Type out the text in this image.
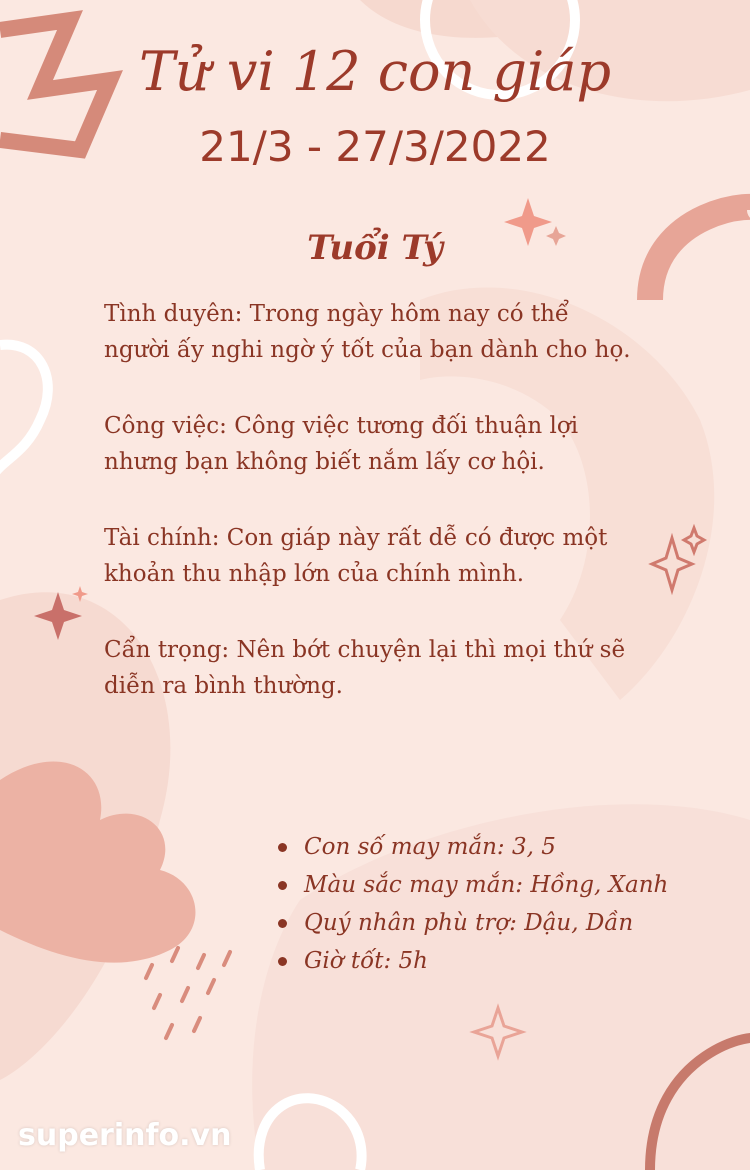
Tử vi 12 con giáp
21/3 - 27/3/2022
Tuổi Tý

Tình duyên: Trong ngày hôm nay có thể
người ấy nghi ngờ ý tốt của bạn dành cho họ.

Công việc: Công việc tương đối thuận lợi
nhưng bạn không biết nắm lấy cơ hội.

Tài chính: Con giáp này rất dễ có được một
khoản thu nhập lớn của chính mình.

Cẩn trọng: Nên bớt chuyện lại thì mọi thứ sẽ
diễn ra bình thường.

Con số may mắn: 3, 5
Màu sắc may mắn: Hồng, Xanh
Quý nhân phù trợ: Dậu, Dần
Giờ tốt: 5h
superinfo.vn
